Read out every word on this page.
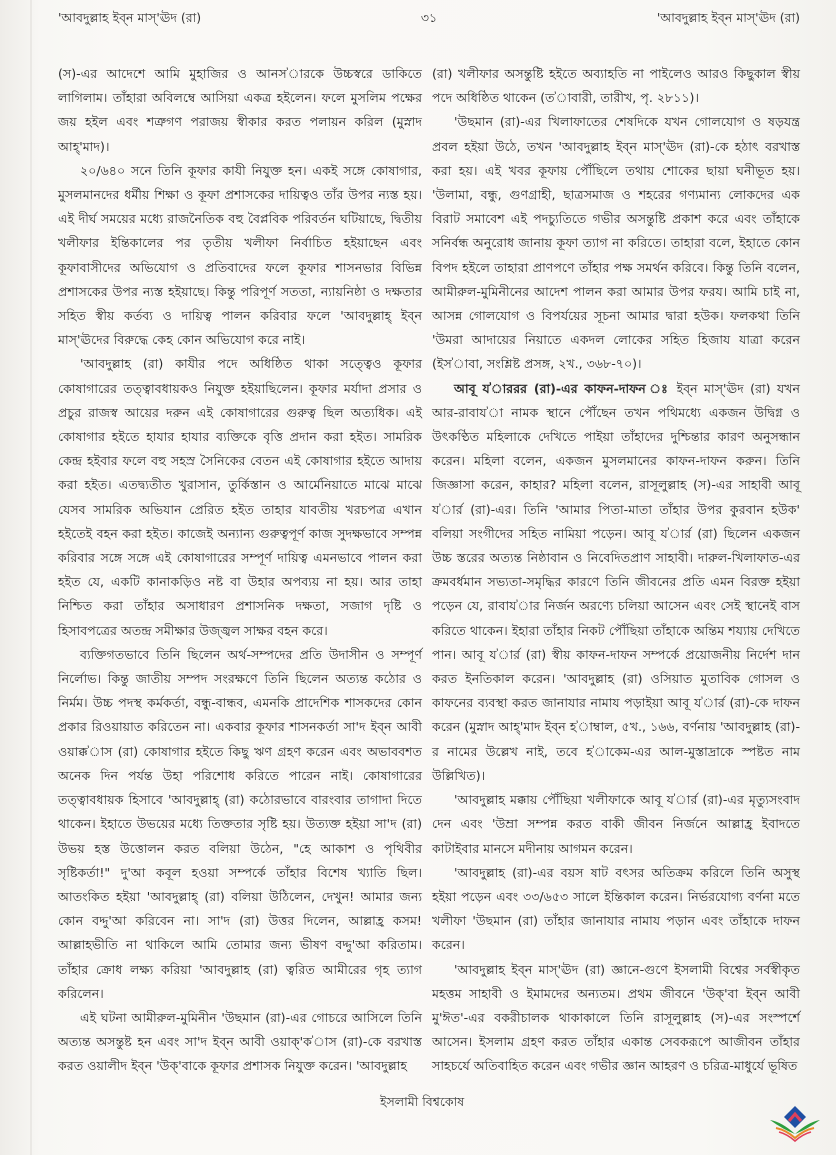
'আবদুল্লাহ ইব্ন মাস্'ঊদ (রা)	৩১	'আবদুল্লাহ ইব্ন মাস্'ঊদ (রা)

(স)-এর আদেশে আমি মুহাজির ও আনস'ারকে উচ্চস্বরে ডাকিতে লাগিলাম। তাঁহারা অবিলম্বে আসিয়া একত্র হইলেন। ফলে মুসলিম পক্ষের জয় হইল এবং শত্রুগণ পরাজয় স্বীকার করত পলায়ন করিল (মুস্নাদ আহ্'মাদ)।

২০/৬৪০ সনে তিনি কূফার কাযী নিযুক্ত হন। একই সঙ্গে কোষাগার, মুসলমানদের ধর্মীয় শিক্ষা ও কূফা প্রশাসকের দায়িত্বও তাঁর উপর ন্যস্ত হয়। এই দীর্ঘ সময়ের মধ্যে রাজনৈতিক বহু বৈপ্লবিক পরিবর্তন ঘটিয়াছে, দ্বিতীয় খলীফার ইন্তিকালের পর তৃতীয় খলীফা নির্বাচিত হইয়াছেন এবং কূফাবাসীদের অভিযোগ ও প্রতিবাদের ফলে কূফার শাসনভার বিভিন্ন প্রশাসকের উপর ন্যস্ত হইয়াছে। কিন্তু পরিপূর্ণ সততা, ন্যায়নিষ্ঠা ও দক্ষতার সহিত স্বীয় কর্তব্য ও দায়িত্ব পালন করিবার ফলে 'আবদুল্লাহ্ ইব্ন মাস্'ঊদের বিরুদ্ধে কেহ কোন অভিযোগ করে নাই।

'আবদুল্লাহ (রা) কাযীর পদে অধিষ্ঠিত থাকা সত্ত্বেও কূফার কোষাগারের তত্ত্বাবধায়কও নিযুক্ত হইয়াছিলেন। কূফার মর্যাদা প্রসার ও প্রচুর রাজস্ব আয়ের দরুন এই কোষাগারের গুরুত্ব ছিল অত্যধিক। এই কোষাগার হইতে হাযার হাযার ব্যক্তিকে বৃত্তি প্রদান করা হইত। সামরিক কেন্দ্র হইবার ফলে বহু সহস্র সৈনিকের বেতন এই কোষাগার হইতে আদায় করা হইত। এতদ্ব্যতীত খুরাসান, তুর্কিস্তান ও আর্মেনিয়াতে মাঝে মাঝে যেসব সামরিক অভিযান প্রেরিত হইত তাহার যাবতীয় খরচপত্র এখান হইতেই বহন করা হইত। কাজেই অন্যান্য গুরুত্বপূর্ণ কাজ সুদক্ষভাবে সম্পন্ন করিবার সঙ্গে সঙ্গে এই কোষাগারের সম্পূর্ণ দায়িত্ব এমনভাবে পালন করা হইত যে, একটি কানাকড়িও নষ্ট বা উহার অপব্যয় না হয়। আর তাহা নিশ্চিত করা তাঁহার অসাধারণ প্রশাসনিক দক্ষতা, সজাগ দৃষ্টি ও হিসাবপত্রের অতন্দ্র সমীক্ষার উজ্জ্বল সাক্ষর বহন করে।

ব্যক্তিগতভাবে তিনি ছিলেন অর্থ-সম্পদের প্রতি উদাসীন ও সম্পূর্ণ নির্লোভ। কিন্তু জাতীয় সম্পদ সংরক্ষণে তিনি ছিলেন অত্যন্ত কঠোর ও নির্মম। উচ্চ পদস্থ কর্মকর্তা, বন্ধু-বান্ধব, এমনকি প্রাদেশিক শাসকদের কোন প্রকার রিওয়ায়াত করিতেন না। একবার কূফার শাসনকর্তা সা'দ ইব্ন আবী ওয়াক্ক'াস (রা) কোষাগার হইতে কিছু ঋণ গ্রহণ করেন এবং অভাববশত অনেক দিন পর্যন্ত উহা পরিশোধ করিতে পারেন নাই। কোষাগারের তত্ত্বাবধায়ক হিসাবে 'আবদুল্লাহ্ (রা) কঠোরভাবে বারংবার তাগাদা দিতে থাকেন। ইহাতে উভয়ের মধ্যে তিক্ততার সৃষ্টি হয়। উত্যক্ত হইয়া সা'দ (রা) উভয় হস্ত উত্তোলন করত বলিয়া উঠেন, "হে আকাশ ও পৃথিবীর সৃষ্টিকর্তা!" দু'আ কবূল হওয়া সম্পর্কে তাঁহার বিশেষ খ্যাতি ছিল। আতংকিত হইয়া 'আবদুল্লাহ্ (রা) বলিয়া উঠিলেন, দেখুন! আমার জন্য কোন বদ্দু'আ করিবেন না। সা'দ (রা) উত্তর দিলেন, আল্লাহ্র কসম! আল্লাহভীতি না থাকিলে আমি তোমার জন্য ভীষণ বদ্দু'আ করিতাম। তাঁহার ক্রোধ লক্ষ্য করিয়া 'আবদুল্লাহ (রা) ত্বরিত আমীরের গৃহ ত্যাগ করিলেন।

এই ঘটনা আমীরুল-মুমিনীন 'উছমান (রা)-এর গোচরে আসিলে তিনি অত্যন্ত অসন্তুষ্ট হন এবং সা'দ ইব্ন আবী ওয়াক্'ক'াস (রা)-কে বরখাস্ত করত ওয়ালীদ ইব্ন 'উক্'বাকে কূফার প্রশাসক নিযুক্ত করেন। 'আবদুল্লাহ

(রা) খলীফার অসন্তুষ্টি হইতে অব্যাহতি না পাইলেও আরও কিছুকাল স্বীয় পদে অধিষ্ঠিত থাকেন (ত'াবারী, তারীখ, পৃ. ২৮১১)।

'উছমান (রা)-এর খিলাফাতের শেষদিকে যখন গোলযোগ ও ষড়যন্ত্র প্রবল হইয়া উঠে, তখন 'আবদুল্লাহ ইব্ন মাস্'ঊদ (রা)-কে হঠাৎ বরখাস্ত করা হয়। এই খবর কূফায় পৌঁছিলে তথায় শোকের ছায়া ঘনীভূত হয়। 'উলামা, বন্ধু, গুণগ্রাহী, ছাত্রসমাজ ও শহরের গণ্যমান্য লোকদের এক বিরাট সমাবেশ এই পদচ্যুতিতে গভীর অসন্তুষ্টি প্রকাশ করে এবং তাঁহাকে সনির্বন্ধ অনুরোধ জানায় কূফা ত্যাগ না করিতে। তাহারা বলে, ইহাতে কোন বিপদ হইলে তাহারা প্রাণপণে তাঁহার পক্ষ সমর্থন করিবে। কিন্তু তিনি বলেন, আমীরুল-মুমিনীনের আদেশ পালন করা আমার উপর ফরয। আমি চাই না, আসন্ন গোলযোগ ও বিপর্যয়ের সূচনা আমার দ্বারা হউক। ফলকথা তিনি 'উমরা আদায়ের নিয়াতে একদল লোকের সহিত হিজায যাত্রা করেন (ইস'াবা, সংশ্লিষ্ট প্রসঙ্গ, ২খ., ৩৬৮-৭০)।

আবূ য'াররর (রা)-এর কাফন-দাফন ঃ ইব্ন মাস্'ঊদ (রা) যখন আর-রাবায'া নামক স্থানে পৌঁছেন তখন পথিমধ্যে একজন উদ্বিগ্ন ও উৎকণ্ঠিত মহিলাকে দেখিতে পাইয়া তাঁহাদের দুশ্চিন্তার কারণ অনুসন্ধান করেন। মহিলা বলেন, একজন মুসলমানের কাফন-দাফন করুন। তিনি জিজ্ঞাসা করেন, কাহার? মহিলা বলেন, রাসূলুল্লাহ (স)-এর সাহাবী আবূ য'ার্র (রা)-এর। তিনি 'আমার পিতা-মাতা তাঁহার উপর কুরবান হউক' বলিয়া সংগীদের সহিত নামিয়া পড়েন। আবূ য'ার্র (রা) ছিলেন একজন উচ্চ স্তরের অত্যন্ত নিষ্ঠাবান ও নিবেদিতপ্রাণ সাহাবী। দারুল-খিলাফাত-এর ক্রমবর্ধমান সভ্যতা-সমৃদ্ধির কারণে তিনি জীবনের প্রতি এমন বিরক্ত হইয়া পড়েন যে, রাবায'ার নির্জন অরণ্যে চলিয়া আসেন এবং সেই স্থানেই বাস করিতে থাকেন। ইহারা তাঁহার নিকট পৌঁছিয়া তাঁহাকে অন্তিম শয্যায় দেখিতে পান। আবূ য'ার্র (রা) স্বীয় কাফন-দাফন সম্পর্কে প্রয়োজনীয় নির্দেশ দান করত ইনতিকাল করেন। 'আবদুল্লাহ (রা) ওসিয়াত মুতাবিক গোসল ও কাফনের ব্যবস্থা করত জানাযার নামায পড়াইয়া আবূ য'ার্র (রা)-কে দাফন করেন (মুস্নাদ আহ্'মাদ ইব্ন হ'াম্বাল, ৫খ., ১৬৬, বর্ণনায় 'আবদুল্লাহ (রা)-র নামের উল্লেখ নাই, তবে হ'াকেম-এর আল-মুস্তাদ্রাকে স্পষ্টত নাম উল্লিখিত)।

'আবদুল্লাহ মক্কায় পৌঁছিয়া খলীফাকে আবূ য'ার্র (রা)-এর মৃত্যুসংবাদ দেন এবং 'উম্রা সম্পন্ন করত বাকী জীবন নির্জনে আল্লাহ্র ইবাদতে কাটাইবার মানসে মদীনায় আগমন করেন।

'আবদুল্লাহ (রা)-এর বয়স ষাট বৎসর অতিক্রম করিলে তিনি অসুস্থ হইয়া পড়েন এবং ৩৩/৬৫৩ সালে ইন্তিকাল করেন। নির্ভরযোগ্য বর্ণনা মতে খলীফা 'উছমান (রা) তাঁহার জানাযার নামায পড়ান এবং তাঁহাকে দাফন করেন।

'আবদুল্লাহ ইব্ন মাস্'ঊদ (রা) জ্ঞানে-গুণে ইসলামী বিশ্বের সর্বস্বীকৃত মহত্তম সাহাবী ও ইমামদের অন্যতম। প্রথম জীবনে 'উক্'বা ইব্ন আবী মু'ঈত'-এর বকরীচালক থাকাকালে তিনি রাসূলুল্লাহ (স)-এর সংস্পর্শে আসেন। ইসলাম গ্রহণ করত তাঁহার একান্ত সেবকরূপে আজীবন তাঁহার সাহচর্যে অতিবাহিত করেন এবং গভীর জ্ঞান আহরণ ও চরিত্র-মাধুর্যে ভূষিত

ইসলামী বিশ্বকোষ
